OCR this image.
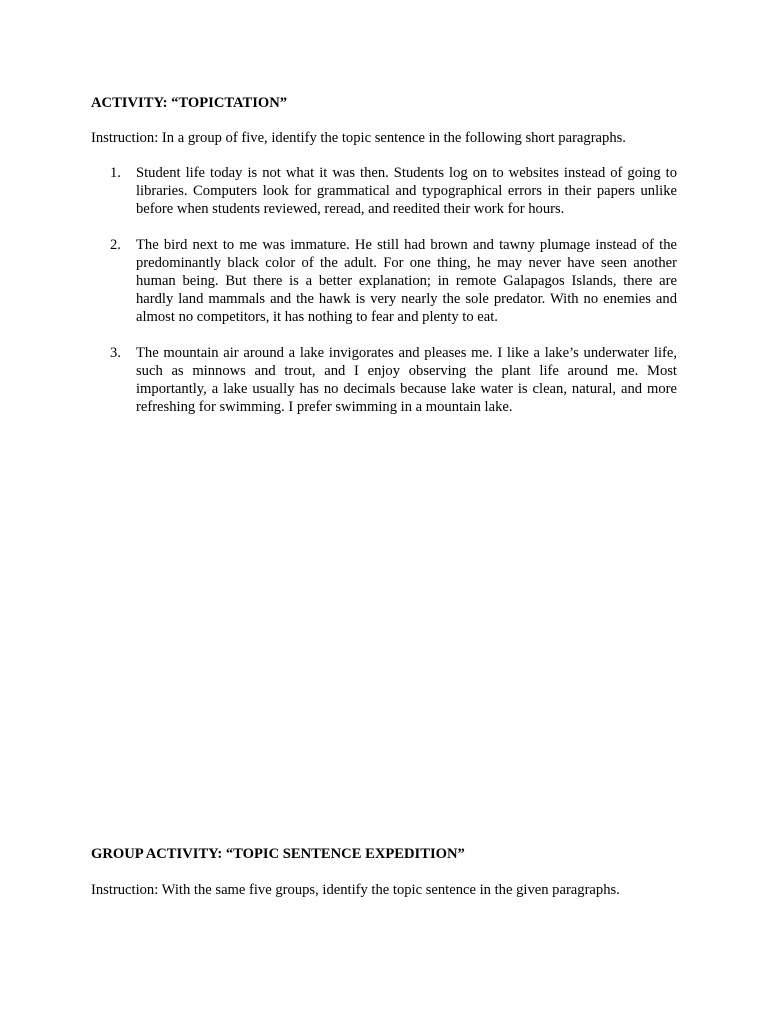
ACTIVITY: “TOPICTATION”
Instruction: In a group of five, identify the topic sentence in the following short paragraphs.
1.	Student life today is not what it was then. Students log on to websites instead of going to libraries. Computers look for grammatical and typographical errors in their papers unlike before when students reviewed, reread, and reedited their work for hours.
2.	The bird next to me was immature. He still had brown and tawny plumage instead of the predominantly black color of the adult. For one thing, he may never have seen another human being. But there is a better explanation; in remote Galapagos Islands, there are hardly land mammals and the hawk is very nearly the sole predator. With no enemies and almost no competitors, it has nothing to fear and plenty to eat.
3.	The mountain air around a lake invigorates and pleases me. I like a lake’s underwater life, such as minnows and trout, and I enjoy observing the plant life around me. Most importantly, a lake usually has no decimals because lake water is clean, natural, and more refreshing for swimming. I prefer swimming in a mountain lake.
GROUP ACTIVITY: “TOPIC SENTENCE EXPEDITION”
Instruction: With the same five groups, identify the topic sentence in the given paragraphs.
